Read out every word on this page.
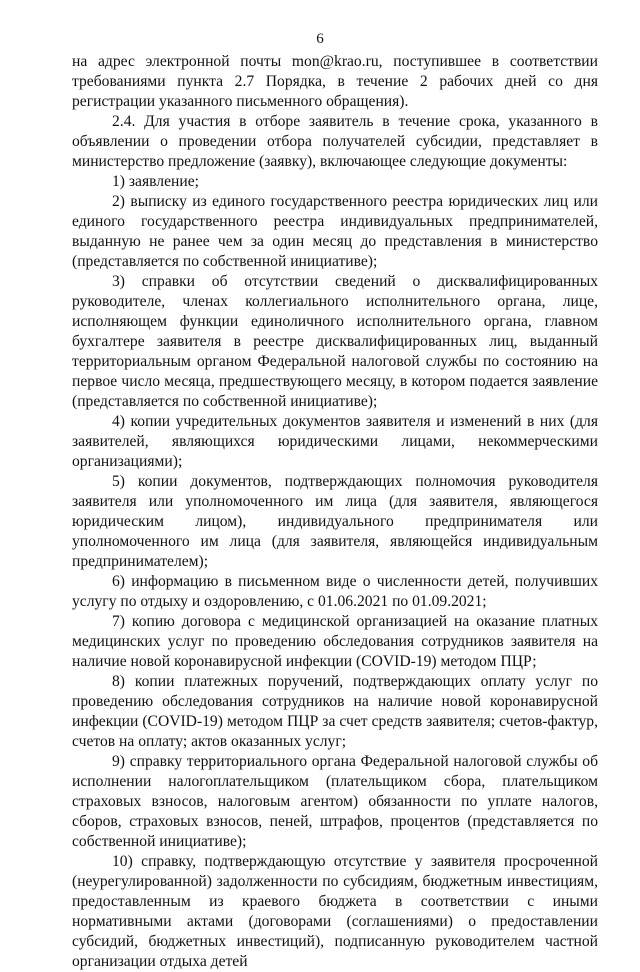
6

на адрес электронной почты mon@krao.ru, поступившее в соответствии требованиями пункта 2.7 Порядка, в течение 2 рабочих дней со дня регистрации указанного письменного обращения).

2.4. Для участия в отборе заявитель в течение срока, указанного в объявлении о проведении отбора получателей субсидии, представляет в министерство предложение (заявку), включающее следующие документы:

1) заявление;

2) выписку из единого государственного реестра юридических лиц или единого государственного реестра индивидуальных предпринимателей, выданную не ранее чем за один месяц до представления в министерство (представляется по собственной инициативе);

3) справки об отсутствии сведений о дисквалифицированных руководителе, членах коллегиального исполнительного органа, лице, исполняющем функции единоличного исполнительного органа, главном бухгалтере заявителя в реестре дисквалифицированных лиц, выданный территориальным органом Федеральной налоговой службы по состоянию на первое число месяца, предшествующего месяцу, в котором подается заявление (представляется по собственной инициативе);

4) копии учредительных документов заявителя и изменений в них (для заявителей, являющихся юридическими лицами, некоммерческими организациями);

5) копии документов, подтверждающих полномочия руководителя заявителя или уполномоченного им лица (для заявителя, являющегося юридическим лицом), индивидуального предпринимателя или уполномоченного им лица (для заявителя, являющейся индивидуальным предпринимателем);

6) информацию в письменном виде о численности детей, получивших услугу по отдыху и оздоровлению, с 01.06.2021 по 01.09.2021;

7) копию договора с медицинской организацией на оказание платных медицинских услуг по проведению обследования сотрудников заявителя на наличие новой коронавирусной инфекции (COVID-19) методом ПЦР;

8) копии платежных поручений, подтверждающих оплату услуг по проведению обследования сотрудников на наличие новой коронавирусной инфекции (COVID-19) методом ПЦР за счет средств заявителя; счетов-фактур, счетов на оплату; актов оказанных услуг;

9) справку территориального органа Федеральной налоговой службы об исполнении налогоплательщиком (плательщиком сбора, плательщиком страховых взносов, налоговым агентом) обязанности по уплате налогов, сборов, страховых взносов, пеней, штрафов, процентов (представляется по собственной инициативе);

10) справку, подтверждающую отсутствие у заявителя просроченной (неурегулированной) задолженности по субсидиям, бюджетным инвестициям, предоставленным из краевого бюджета в соответствии с иными нормативными актами (договорами (соглашениями) о предоставлении субсидий, бюджетных инвестиций), подписанную руководителем частной организации отдыха детей
